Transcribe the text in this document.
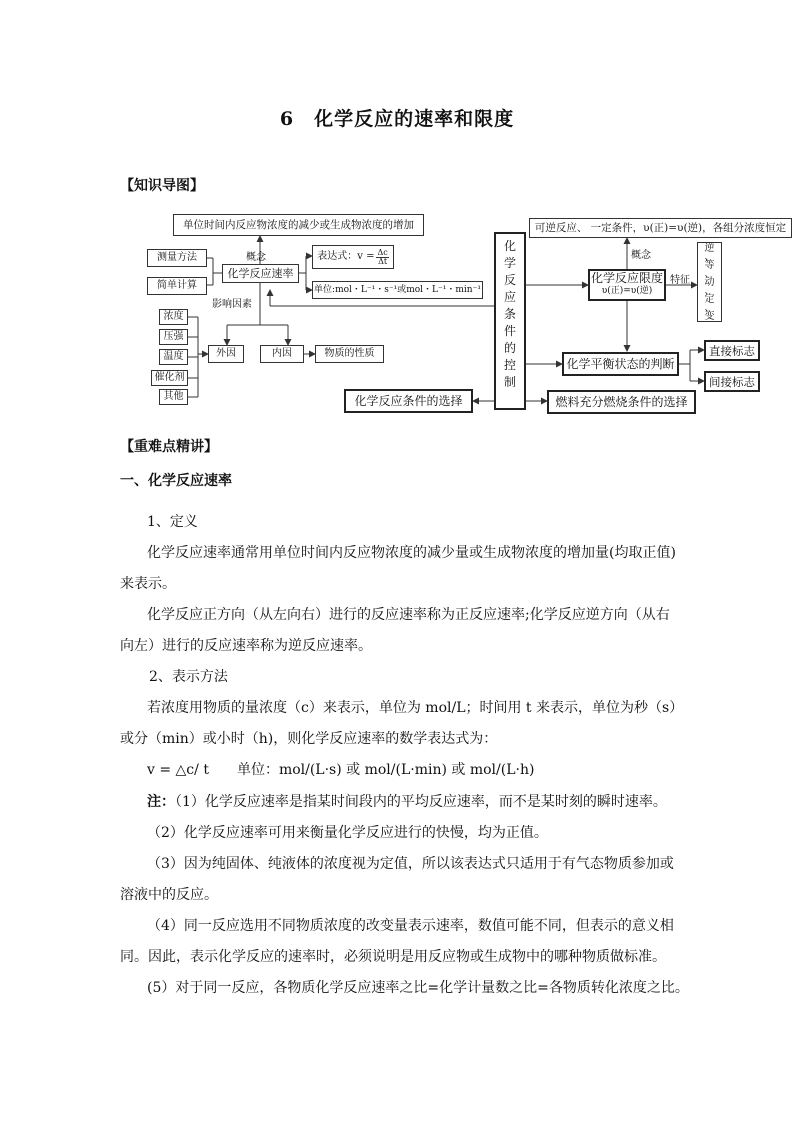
6　化学反应的速率和限度
【知识导图】
单位时间内反应物浓度的减少或生成物浓度的增加
测量方法
简单计算
化学反应速率
概念	表达式：$v = \frac{\Delta c}{\Delta t}$
单位:mol・L⁻¹・s⁻¹或mol・L⁻¹・min⁻¹
影响因素
浓度
压强
温度
催化剂
其他
外因	内因	物质的性质
化
学
反
应
条
件
的
控
制
可逆反应、 一定条件，υ(正)=υ(逆)，各组分浓度恒定
概念
化学反应限度
υ(正)=υ(逆)
特征
逆
、
等
、
动
、
定
、
变
化学平衡状态的判断
直接标志
间接标志
化学反应条件的选择	燃料充分燃烧条件的选择
【重难点精讲】
一、化学反应速率
1、定义
化学反应速率通常用单位时间内反应物浓度的减少量或生成物浓度的增加量(均取正值)
来表示。
化学反应正方向（从左向右）进行的反应速率称为正反应速率;化学反应逆方向（从右
向左）进行的反应速率称为逆反应速率。
2、表示方法
若浓度用物质的量浓度（c）来表示，单位为 mol/L；时间用 t 来表示，单位为秒（s）
或分（min）或小时（h)，则化学反应速率的数学表达式为：
v = △c/ t　　单位：mol/(L·s) 或 mol/(L·min) 或 mol/(L·h)
注：（1）化学反应速率是指某时间段内的平均反应速率，而不是某时刻的瞬时速率。
（2）化学反应速率可用来衡量化学反应进行的快慢，均为正值。
（3）因为纯固体、纯液体的浓度视为定值，所以该表达式只适用于有气态物质参加或
溶液中的反应。
（4）同一反应选用不同物质浓度的改变量表示速率，数值可能不同，但表示的意义相
同。因此，表示化学反应的速率时，必须说明是用反应物或生成物中的哪种物质做标准。
(5）对于同一反应，各物质化学反应速率之比=化学计量数之比=各物质转化浓度之比。
